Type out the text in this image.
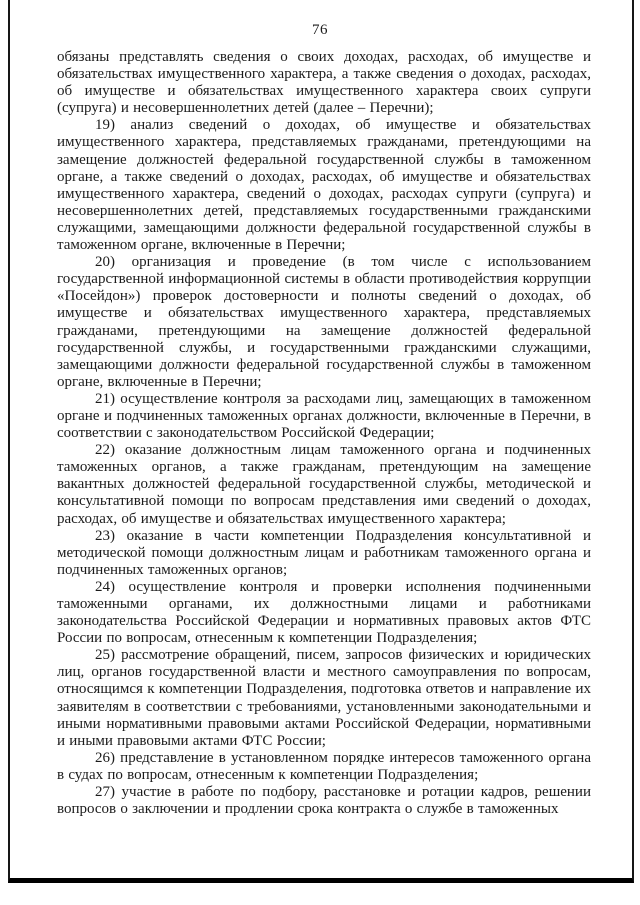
76

обязаны представлять сведения о своих доходах, расходах, об имуществе и обязательствах имущественного характера, а также сведения о доходах, расходах, об имуществе и обязательствах имущественного характера своих супруги (супруга) и несовершеннолетних детей (далее – Перечни);

19) анализ сведений о доходах, об имуществе и обязательствах имущественного характера, представляемых гражданами, претендующими на замещение должностей федеральной государственной службы в таможенном органе, а также сведений о доходах, расходах, об имуществе и обязательствах имущественного характера, сведений о доходах, расходах супруги (супруга) и несовершеннолетних детей, представляемых государственными гражданскими служащими, замещающими должности федеральной государственной службы в таможенном органе, включенные в Перечни;

20) организация и проведение (в том числе с использованием государственной информационной системы в области противодействия коррупции «Посейдон») проверок достоверности и полноты сведений о доходах, об имуществе и обязательствах имущественного характера, представляемых гражданами, претендующими на замещение должностей федеральной государственной службы, и государственными гражданскими служащими, замещающими должности федеральной государственной службы в таможенном органе, включенные в Перечни;

21) осуществление контроля за расходами лиц, замещающих в таможенном органе и подчиненных таможенных органах должности, включенные в Перечни, в соответствии с законодательством Российской Федерации;

22) оказание должностным лицам таможенного органа и подчиненных таможенных органов, а также гражданам, претендующим на замещение вакантных должностей федеральной государственной службы, методической и консультативной помощи по вопросам представления ими сведений о доходах, расходах, об имуществе и обязательствах имущественного характера;

23) оказание в части компетенции Подразделения консультативной и методической помощи должностным лицам и работникам таможенного органа и подчиненных таможенных органов;

24) осуществление контроля и проверки исполнения подчиненными таможенными органами, их должностными лицами и работниками законодательства Российской Федерации и нормативных правовых актов ФТС России по вопросам, отнесенным к компетенции Подразделения;

25) рассмотрение обращений, писем, запросов физических и юридических лиц, органов государственной власти и местного самоуправления по вопросам, относящимся к компетенции Подразделения, подготовка ответов и направление их заявителям в соответствии с требованиями, установленными законодательными и иными нормативными правовыми актами Российской Федерации, нормативными и иными правовыми актами ФТС России;

26) представление в установленном порядке интересов таможенного органа в судах по вопросам, отнесенным к компетенции Подразделения;

27) участие в работе по подбору, расстановке и ротации кадров, решении вопросов о заключении и продлении срока контракта о службе в таможенных
